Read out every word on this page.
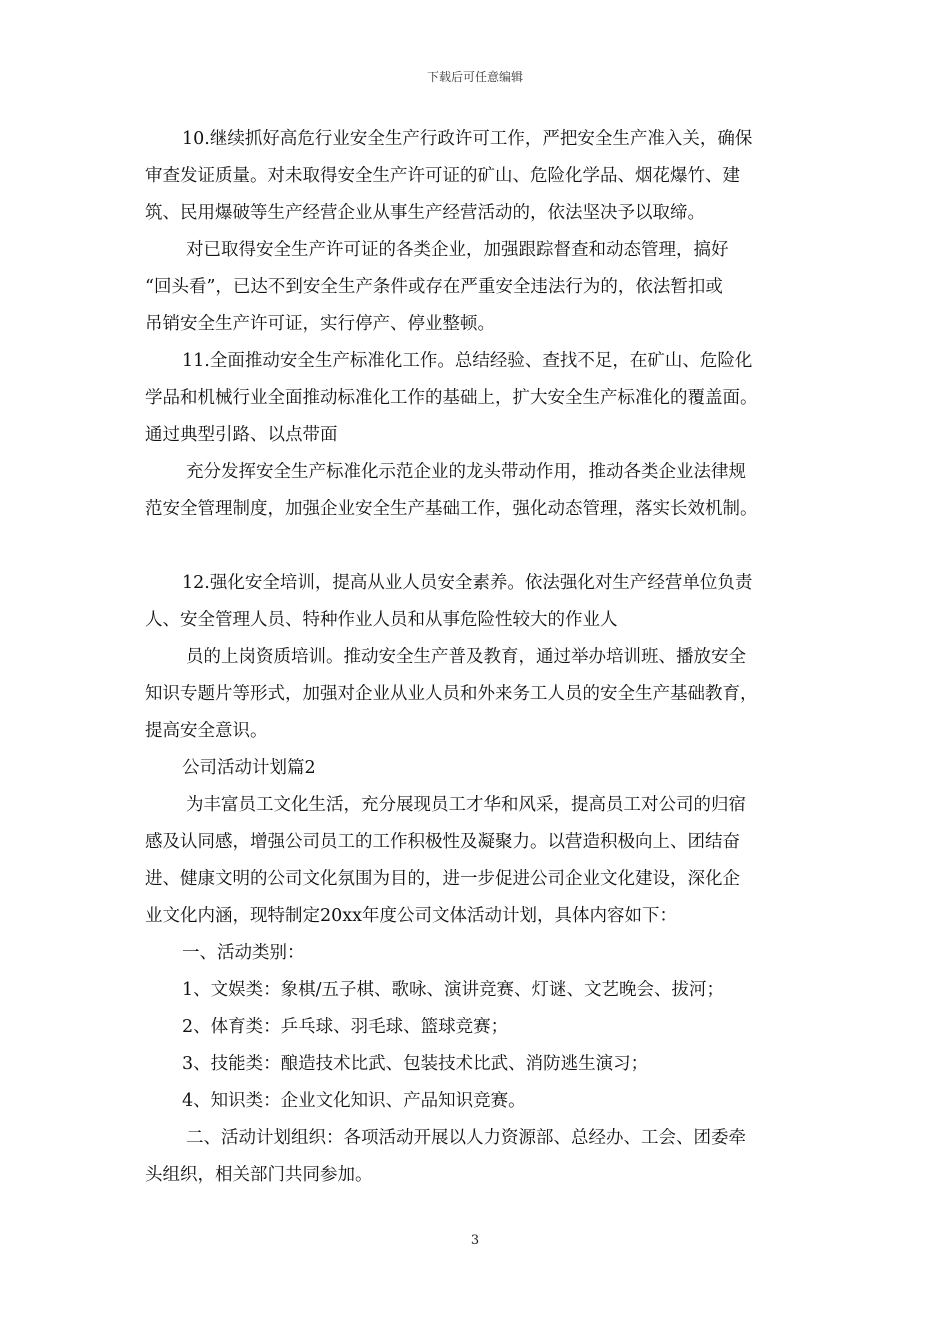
下载后可任意编辑
10.继续抓好高危行业安全生产行政许可工作，严把安全生产准入关，确保
审查发证质量。对未取得安全生产许可证的矿山、危险化学品、烟花爆竹、建
筑、民用爆破等生产经营企业从事生产经营活动的，依法坚决予以取缔。
对已取得安全生产许可证的各类企业，加强跟踪督查和动态管理，搞好
“回头看”，已达不到安全生产条件或存在严重安全违法行为的，依法暂扣或
吊销安全生产许可证，实行停产、停业整顿。
11.全面推动安全生产标准化工作。总结经验、查找不足，在矿山、危险化
学品和机械行业全面推动标准化工作的基础上，扩大安全生产标准化的覆盖面。
通过典型引路、以点带面
充分发挥安全生产标准化示范企业的龙头带动作用，推动各类企业法律规
范安全管理制度，加强企业安全生产基础工作，强化动态管理，落实长效机制。
12.强化安全培训，提高从业人员安全素养。依法强化对生产经营单位负责
人、安全管理人员、特种作业人员和从事危险性较大的作业人
员的上岗资质培训。推动安全生产普及教育，通过举办培训班、播放安全
知识专题片等形式，加强对企业从业人员和外来务工人员的安全生产基础教育，
提高安全意识。
公司活动计划篇2
为丰富员工文化生活，充分展现员工才华和风采，提高员工对公司的归宿
感及认同感，增强公司员工的工作积极性及凝聚力。以营造积极向上、团结奋
进、健康文明的公司文化氛围为目的，进一步促进公司企业文化建设，深化企
业文化内涵，现特制定20xx年度公司文体活动计划，具体内容如下：
一、活动类别：
1、文娱类：象棋/五子棋、歌咏、演讲竞赛、灯谜、文艺晚会、拔河；
2、体育类：乒乓球、羽毛球、篮球竞赛；
3、技能类：酿造技术比武、包装技术比武、消防逃生演习；
4、知识类：企业文化知识、产品知识竞赛。
二、活动计划组织：各项活动开展以人力资源部、总经办、工会、团委牵
头组织，相关部门共同参加。
3
